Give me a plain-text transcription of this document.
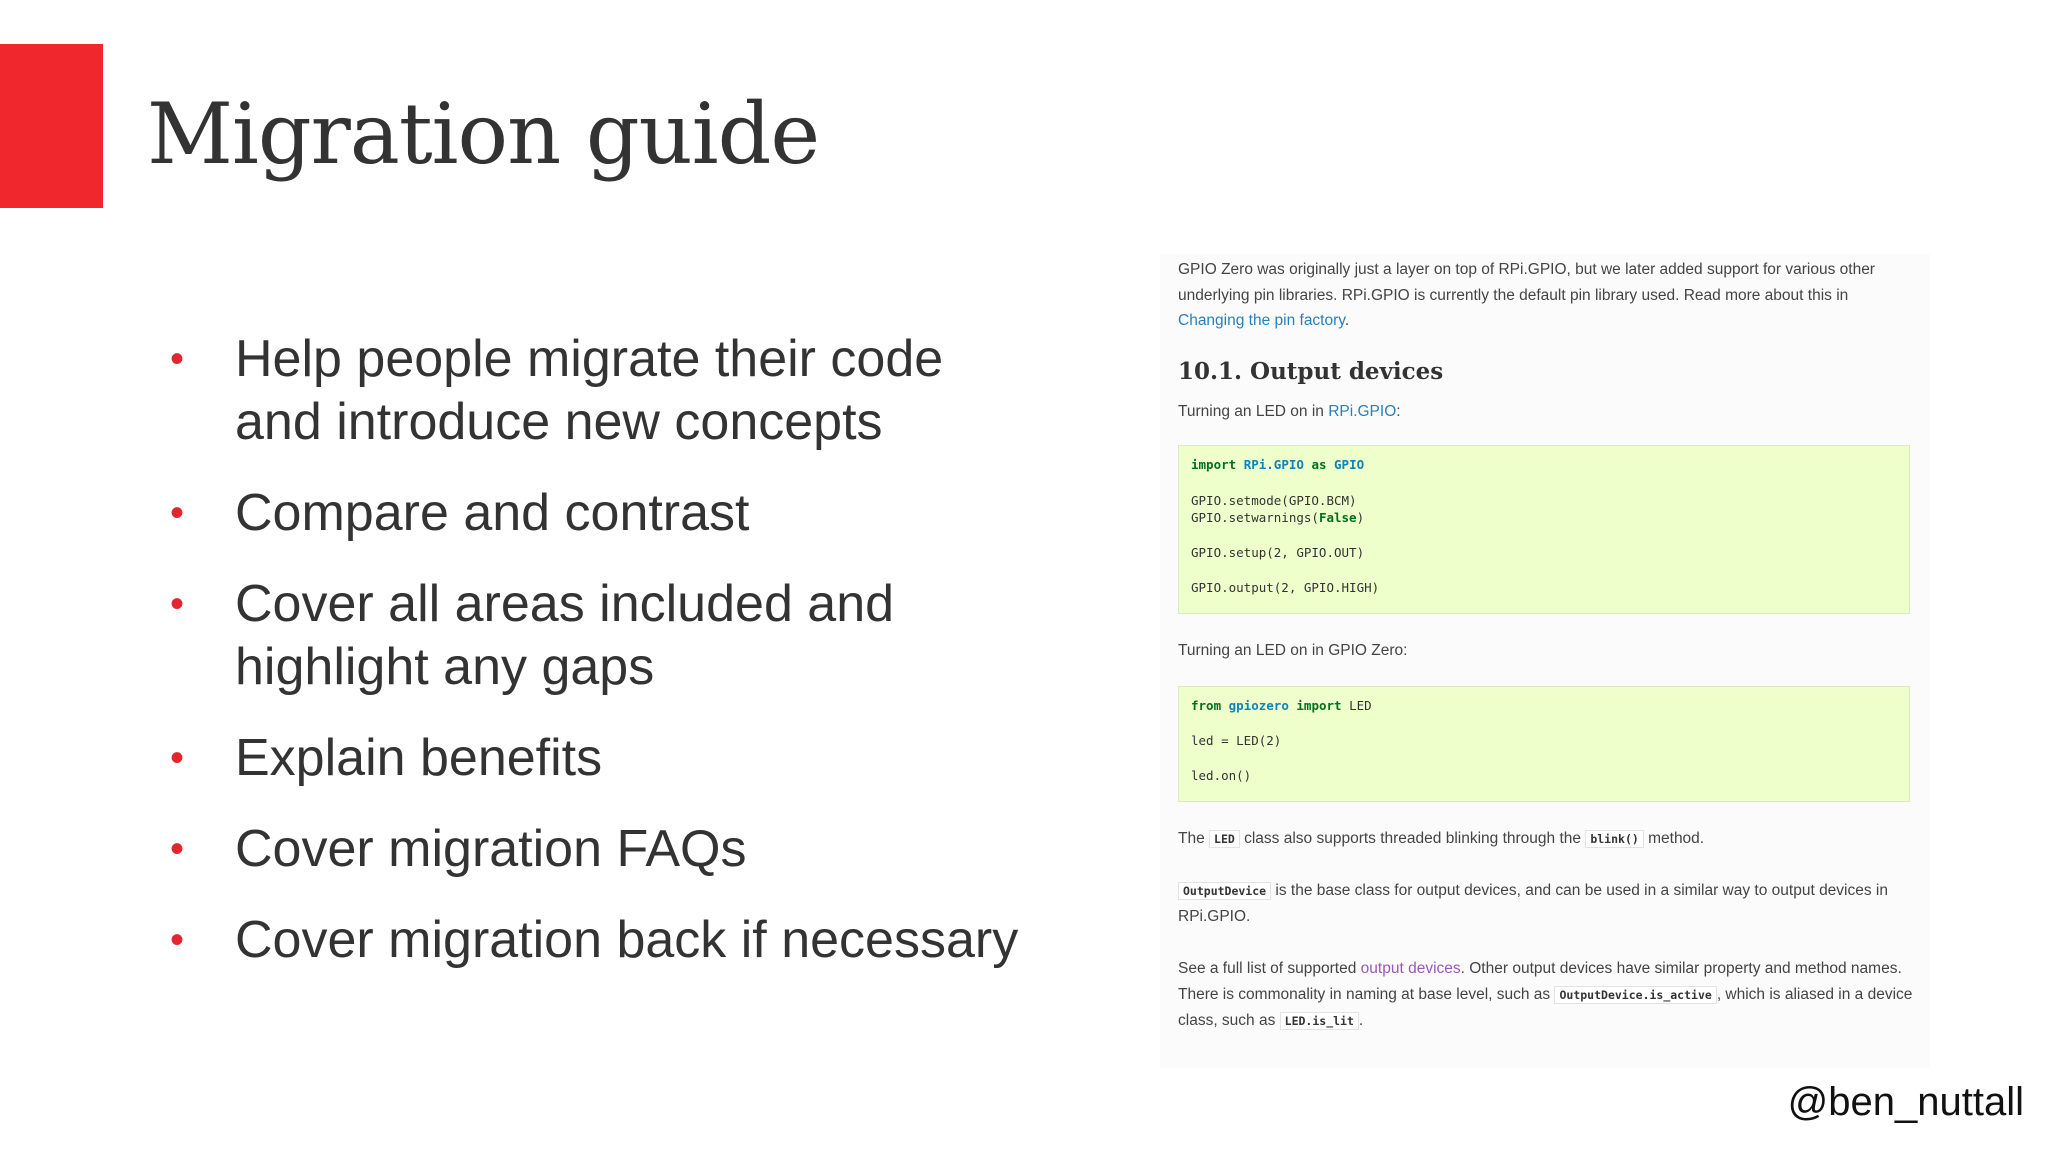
Migration guide
• Help people migrate their code and introduce new concepts
• Compare and contrast
• Cover all areas included and highlight any gaps
• Explain benefits
• Cover migration FAQs
• Cover migration back if necessary

GPIO Zero was originally just a layer on top of RPi.GPIO, but we later added support for various other underlying pin libraries. RPi.GPIO is currently the default pin library used. Read more about this in Changing the pin factory.

10.1. Output devices

Turning an LED on in RPi.GPIO:

import RPi.GPIO as GPIO
GPIO.setmode(GPIO.BCM)
GPIO.setwarnings(False)
GPIO.setup(2, GPIO.OUT)
GPIO.output(2, GPIO.HIGH)

Turning an LED on in GPIO Zero:

from gpiozero import LED
led = LED(2)
led.on()

The LED class also supports threaded blinking through the blink() method.

OutputDevice is the base class for output devices, and can be used in a similar way to output devices in RPi.GPIO.

See a full list of supported output devices. Other output devices have similar property and method names. There is commonality in naming at base level, such as OutputDevice.is_active , which is aliased in a device class, such as LED.is_lit .

@ben_nuttall
